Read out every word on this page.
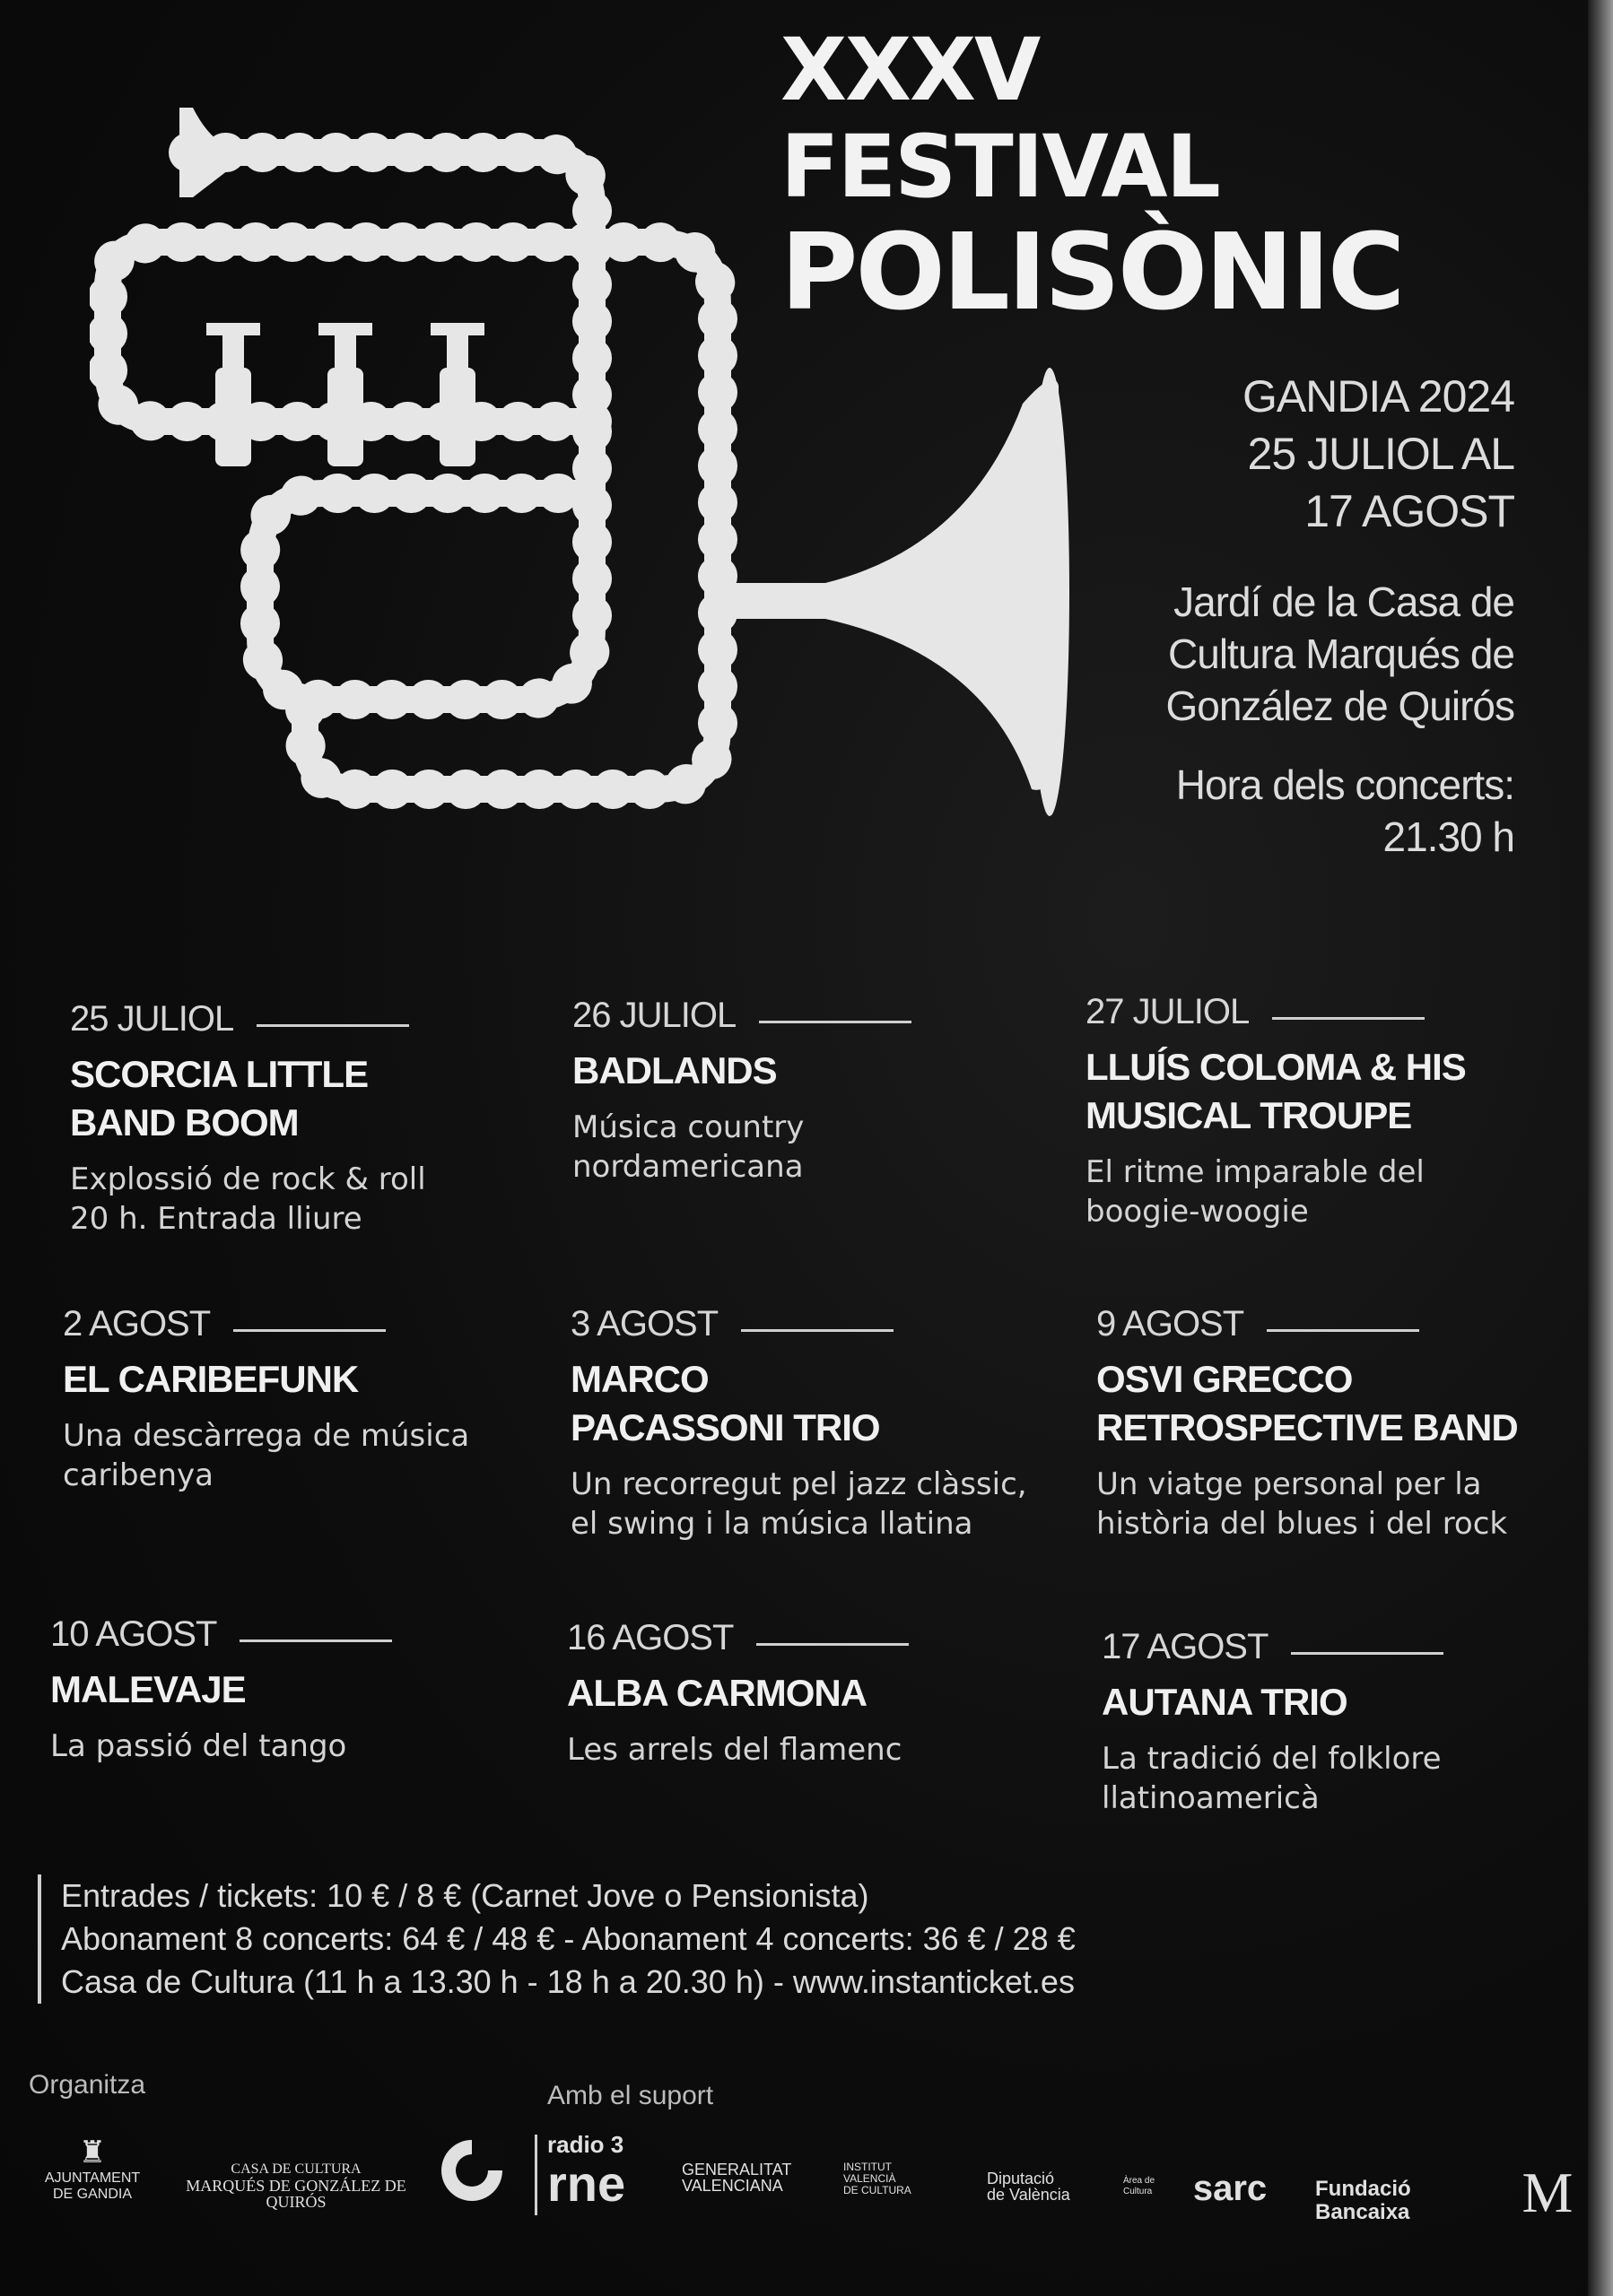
XXXV
FESTIVAL
POLISÒNIC
GANDIA 2024
25 JULIOL AL
17 AGOST
Jardí de la Casa de
Cultura Marqués de
González de Quirós
Hora dels concerts:
21.30 h
25 JULIOL
SCORCIA LITTLE
BAND BOOM
Explossió de rock & roll
20 h. Entrada lliure
26 JULIOL
BADLANDS
Música country
nordamericana
27 JULIOL
LLUÍS COLOMA & HIS
MUSICAL TROUPE
El ritme imparable del
boogie-woogie
2 AGOST
EL CARIBEFUNK
Una descàrrega de música
caribenya
3 AGOST
MARCO
PACASSONI TRIO
Un recorregut pel jazz clàssic,
el swing i la música llatina
9 AGOST
OSVI GRECCO
RETROSPECTIVE BAND
Un viatge personal per la
història del blues i del rock
10 AGOST
MALEVAJE
La passió del tango
16 AGOST
ALBA CARMONA
Les arrels del flamenc
17 AGOST
AUTANA TRIO
La tradició del folklore
llatinoamericà
Entrades / tickets: 10 € / 8 € (Carnet Jove o Pensionista)
Abonament 8 concerts: 64 € / 48 € - Abonament 4 concerts: 36 € / 28 €
Casa de Cultura (11 h a 13.30 h - 18 h a 20.30 h) - www.instanticket.es
Organitza	Amb el suport
♜
AJUNTAMENT
DE GANDIA
CASA DE CULTURA
MARQUÉS DE GONZÁLEZ DE QUIRÓS
radio 3
rne	GENERALITAT
VALENCIANA
INSTITUT
VALENCIÀ
DE CULTURA
Diputació
de València
Àrea de
Cultura	sarc	Fundació
Bancaixa	M
